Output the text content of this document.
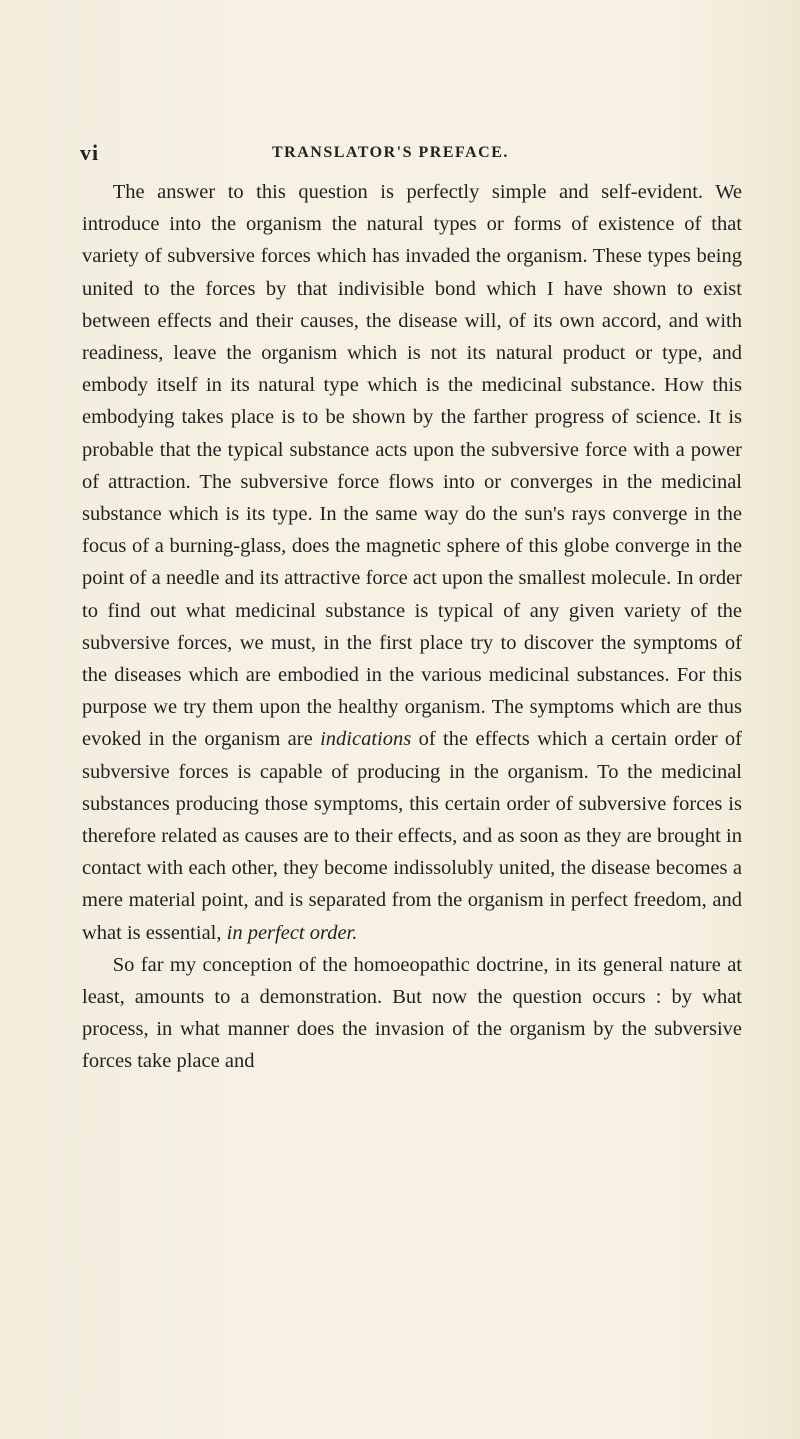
vi	TRANSLATOR'S PREFACE.

The answer to this question is perfectly simple and self-evident. We introduce into the organism the natural types or forms of existence of that variety of subversive forces which has invaded the organism. These types being united to the forces by that indivisible bond which I have shown to exist between effects and their causes, the disease will, of its own accord, and with readiness, leave the organism which is not its natural product or type, and embody itself in its natural type which is the medicinal substance. How this embodying takes place is to be shown by the farther progress of science. It is probable that the typical substance acts upon the subversive force with a power of attraction. The subversive force flows into or converges in the medicinal substance which is its type. In the same way do the sun's rays converge in the focus of a burning-glass, does the magnetic sphere of this globe converge in the point of a needle and its attractive force act upon the smallest molecule. In order to find out what medicinal substance is typical of any given variety of the subversive forces, we must, in the first place try to discover the symptoms of the diseases which are embodied in the various medicinal substances. For this purpose we try them upon the healthy organism. The symptoms which are thus evoked in the organism are indications of the effects which a certain order of subversive forces is capable of producing in the organism. To the medicinal substances producing those symptoms, this certain order of subversive forces is therefore related as causes are to their effects, and as soon as they are brought in contact with each other, they become indissolubly united, the disease becomes a mere material point, and is separated from the organism in perfect freedom, and what is essential, in perfect order.

So far my conception of the homoeopathic doctrine, in its general nature at least, amounts to a demonstration. But now the question occurs : by what process, in what manner does the invasion of the organism by the subversive forces take place and
